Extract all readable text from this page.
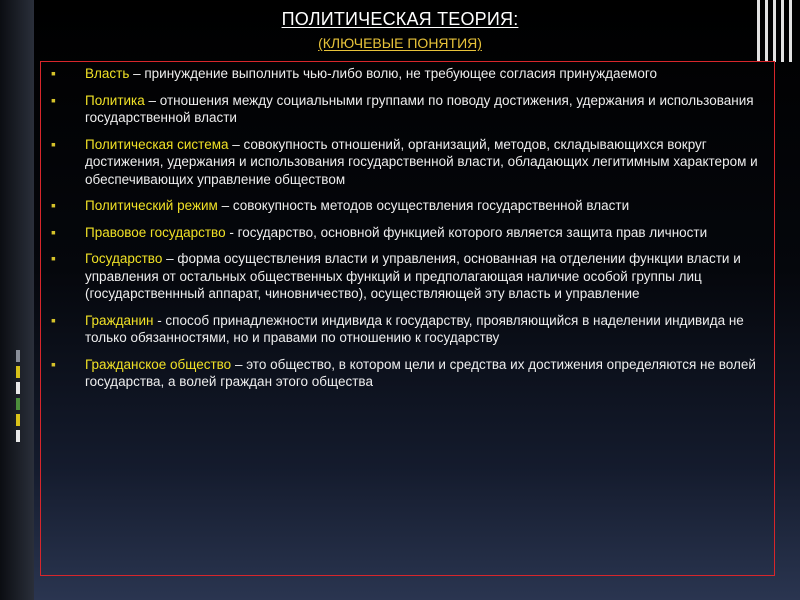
ПОЛИТИЧЕСКАЯ ТЕОРИЯ:
(КЛЮЧЕВЫЕ ПОНЯТИЯ)
▪	Власть – принуждение выполнить чью-либо волю, не требующее согласия принуждаемого
▪	Политика – отношения между социальными группами по поводу достижения, удержания и использования государственной власти
▪	Политическая система – совокупность отношений, организаций, методов, складывающихся вокруг достижения, удержания и использования государственной власти, обладающих легитимным характером и обеспечивающих управление обществом
▪	Политический режим – совокупность методов осуществления государственной власти
▪	Правовое государство - государство, основной функцией которого является защита прав личности
▪	Государство – форма осуществления власти и управления, основанная на отделении функции власти и управления от остальных общественных функций и предполагающая наличие особой группы лиц (государственнный аппарат, чиновничество), осуществляющей эту власть и управление
▪	Гражданин - способ принадлежности индивида к государству, проявляющийся в наделении индивида не только обязанностями, но и правами по отношению к государству
▪	Гражданское общество – это общество, в котором цели и средства их достижения определяются не волей государства, а волей граждан этого общества
